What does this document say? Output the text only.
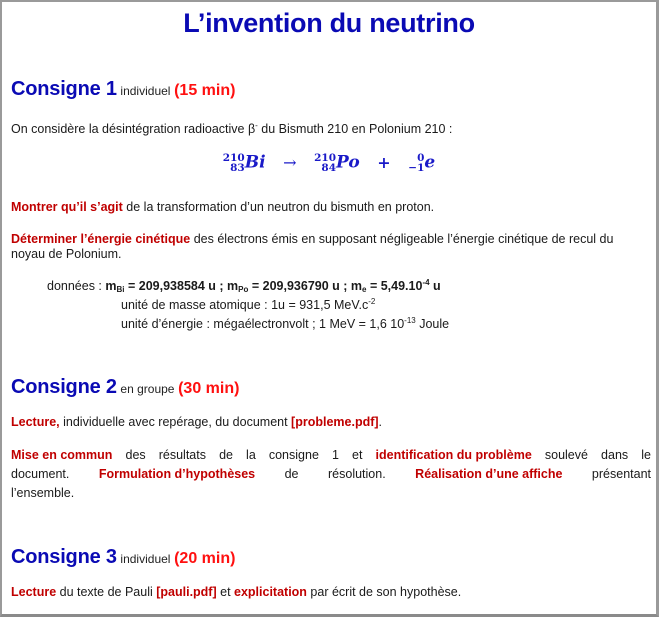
L’invention du neutrino
Consigne 1 individuel (15 min)
On considère la désintégration radioactive β- du Bismuth 210 en Polonium 210 :
210
83 Bi → 210
84 Po +	0
−1 e
Montrer qu’il s’agit de la transformation d’un neutron du bismuth en proton.
Déterminer l’énergie cinétique des électrons émis en supposant négligeable l’énergie cinétique de recul du
noyau de Polonium.
données : $m_{Bi} = 209,938584$ u ; $m_{Po} = 209,936790$ u ; $m_e = 5,49.10^{-4}$ u
unité de masse atomique : 1u = 931,5 $MeV.c^{-2}$
unité d’énergie : mégaélectronvolt ; 1 MeV = 1,6 $10^{-13}$ Joule
Consigne 2 en groupe (30 min)
Lecture, individuelle avec repérage, du document [probleme.pdf].
Mise en commun des résultats de la consigne 1 et identification du problème soulevé dans le
document. Formulation d’hypothèses de résolution. Réalisation d’une affiche présentant
l’ensemble.
Consigne 3 individuel (20 min)
Lecture du texte de Pauli [pauli.pdf] et explicitation par écrit de son hypothèse.
